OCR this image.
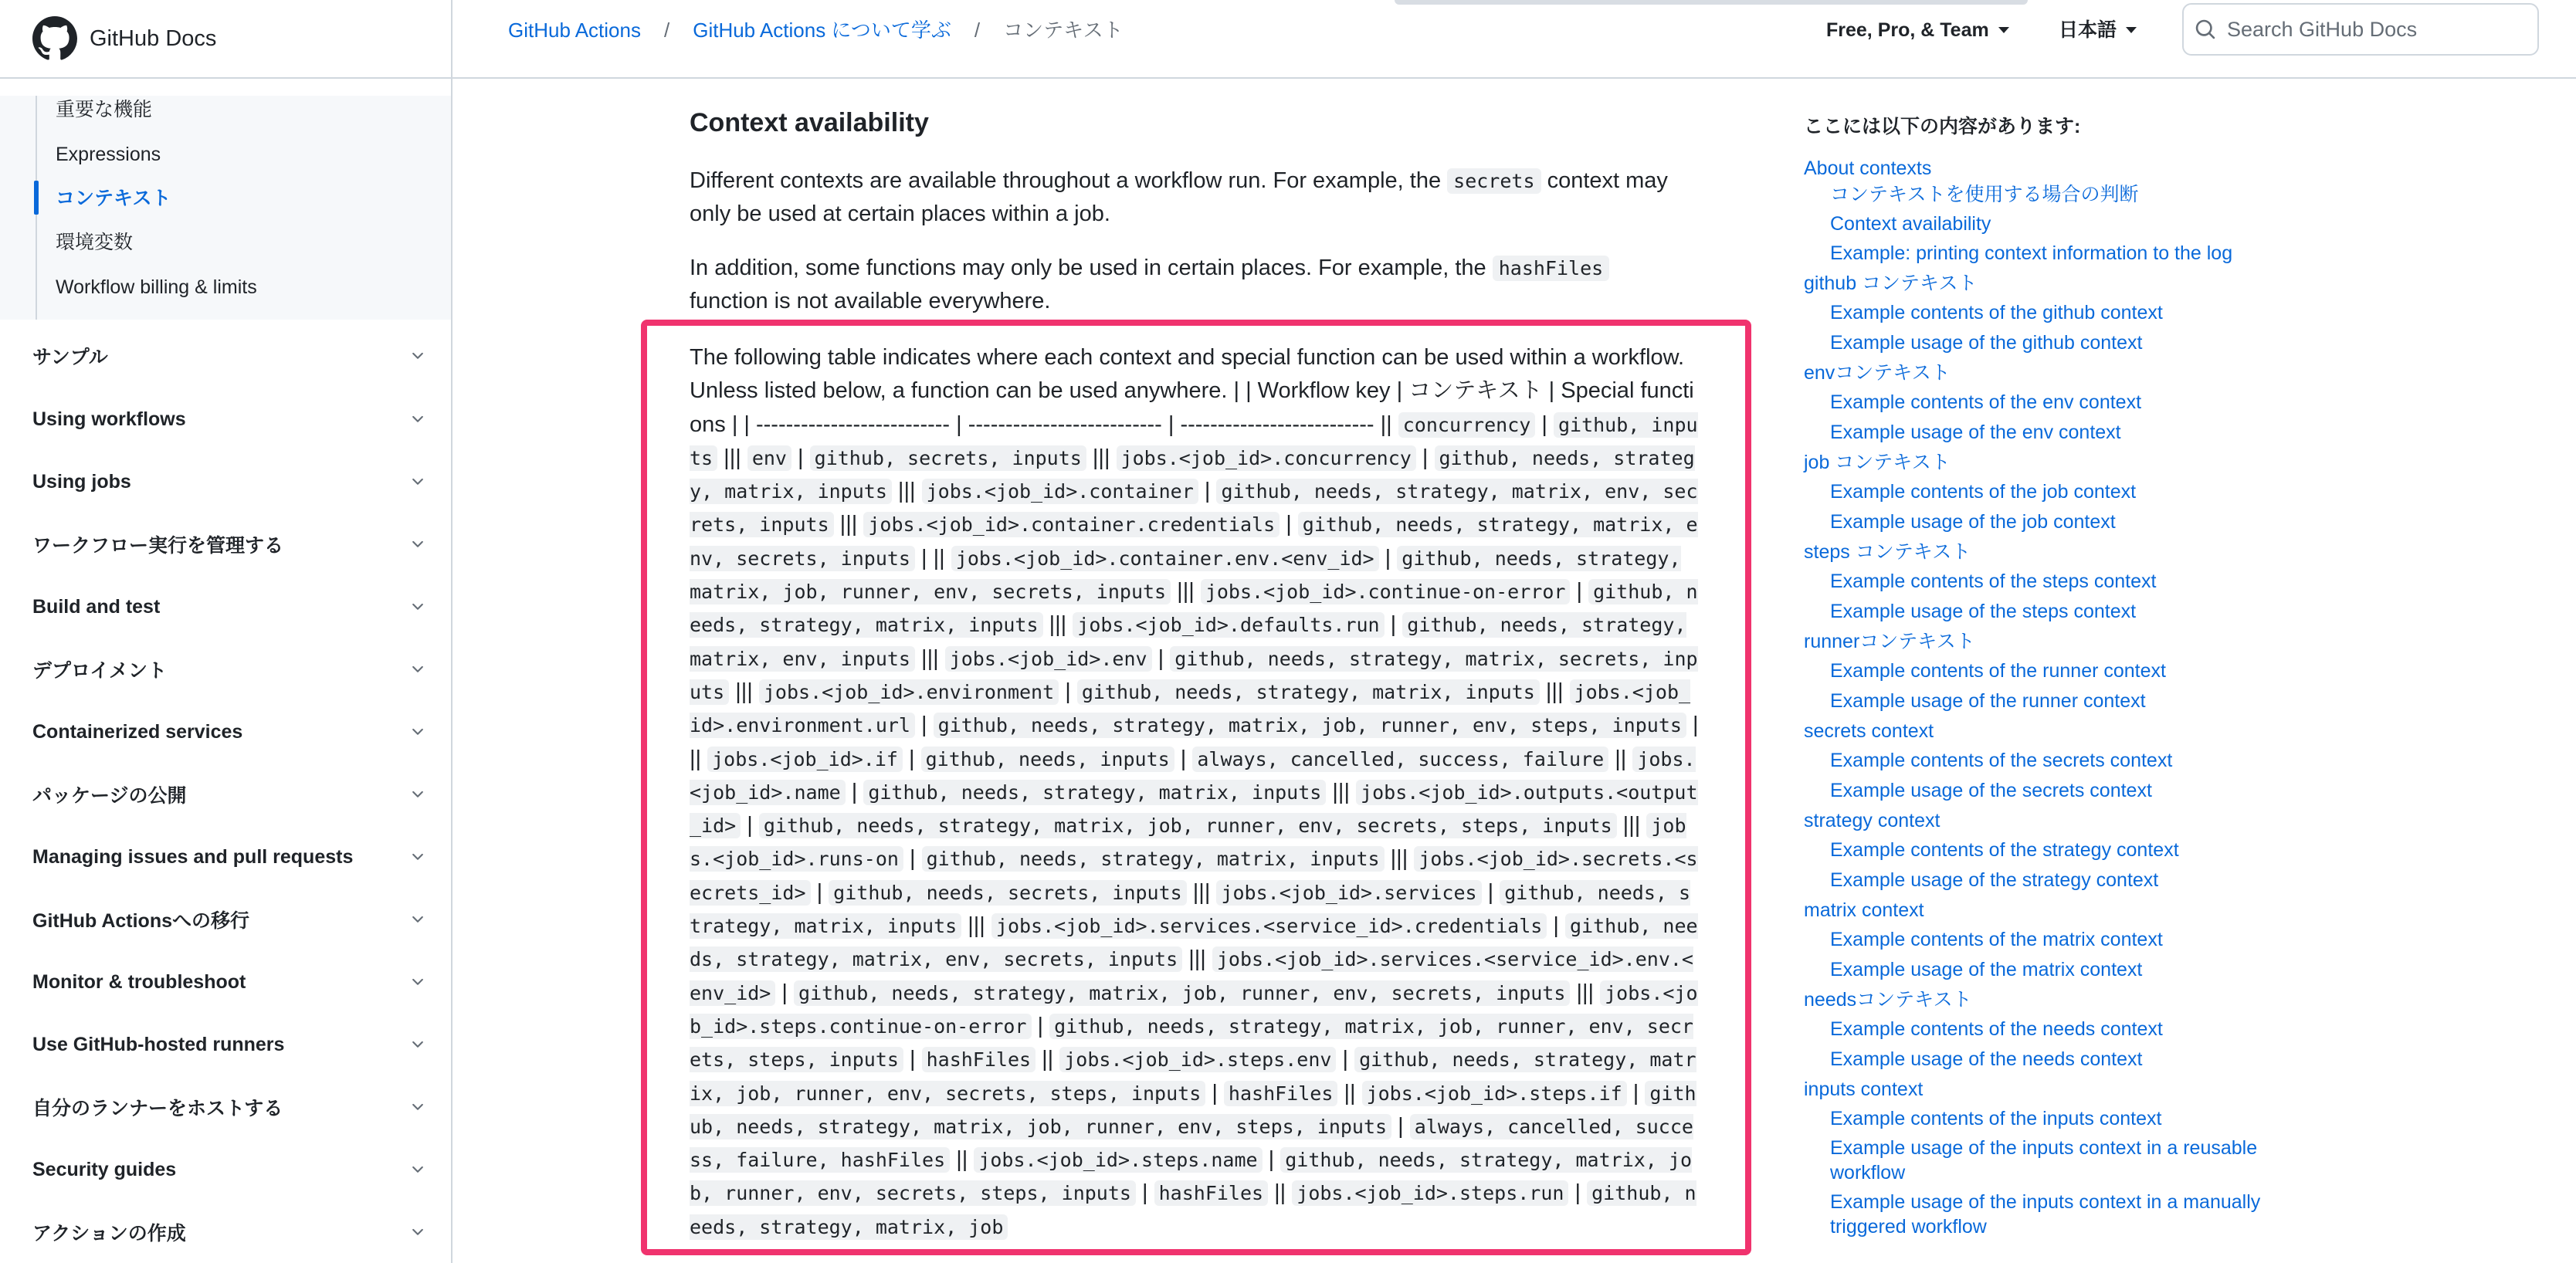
GitHub Docs
重要な機能
Expressions
コンテキスト
環境変数
Workflow billing & limits
サンプル
Using workflows
Using jobs
ワークフロー実行を管理する
Build and test
デプロイメント
Containerized services
パッケージの公開
Managing issues and pull requests
GitHub Actionsへの移行
Monitor & troubleshoot
Use GitHub-hosted runners
自分のランナーをホストする
Security guides
アクションの作成
GitHub Actions / GitHub Actions について学ぶ / コンテキスト	Free, Pro, & Team	日本語
Search GitHub Docs
Context availability

Different contexts are available throughout a workflow run. For example, the secrets context may only be used at certain places within a job.

In addition, some functions may only be used in certain places. For example, the hashFiles function is not available everywhere.

The following table indicates where each context and special function can be used within a workflow. Unless listed below, a function can be used anywhere. | | Workflow key | コンテキスト | Special functions | | -------------------------- | -------------------------- | -------------------------- || concurrency | github, inputs ||| env | github, secrets, inputs ||| jobs.<job_id>.concurrency | github, needs, strategy, matrix, inputs ||| jobs.<job_id>.container | github, needs, strategy, matrix, env, secrets, inputs ||| jobs.<job_id>.container.credentials | github, needs, strategy, matrix, env, secrets, inputs | || jobs.<job_id>.container.env.<env_id> | github, needs, strategy, matrix, job, runner, env, secrets, inputs ||| jobs.<job_id>.continue-on-error | github, needs, strategy, matrix, inputs ||| jobs.<job_id>.defaults.run | github, needs, strategy, matrix, env, inputs ||| jobs.<job_id>.env | github, needs, strategy, matrix, secrets, inputs ||| jobs.<job_id>.environment | github, needs, strategy, matrix, inputs ||| jobs.<job_id>.environment.url | github, needs, strategy, matrix, job, runner, env, steps, inputs ||| jobs.<job_id>.if | github, needs, inputs | always, cancelled, success, failure || jobs.<job_id>.name | github, needs, strategy, matrix, inputs ||| jobs.<job_id>.outputs.<output_id> | github, needs, strategy, matrix, job, runner, env, secrets, steps, inputs ||| jobs.<job_id>.runs-on | github, needs, strategy, matrix, inputs ||| jobs.<job_id>.secrets.<secrets_id> | github, needs, secrets, inputs ||| jobs.<job_id>.services | github, needs, strategy, matrix, inputs ||| jobs.<job_id>.services.<service_id>.credentials | github, needs, strategy, matrix, env, secrets, inputs ||| jobs.<job_id>.services.<service_id>.env.<env_id> | github, needs, strategy, matrix, job, runner, env, secrets, inputs ||| jobs.<job_id>.steps.continue-on-error | github, needs, strategy, matrix, job, runner, env, secrets, steps, inputs | hashFiles || jobs.<job_id>.steps.env | github, needs, strategy, matrix, job, runner, env, secrets, steps, inputs | hashFiles || jobs.<job_id>.steps.if | github, needs, strategy, matrix, job, runner, env, steps, inputs | always, cancelled, success, failure, hashFiles || jobs.<job_id>.steps.name | github, needs, strategy, matrix, job, runner, env, secrets, steps, inputs | hashFiles || jobs.<job_id>.steps.run | github, needs, strategy, matrix, job
ここには以下の内容があります:
About contexts
コンテキストを使用する場合の判断
Context availability
Example: printing context information to the log
github コンテキスト
Example contents of the github context
Example usage of the github context
envコンテキスト
Example contents of the env context
Example usage of the env context
job コンテキスト
Example contents of the job context
Example usage of the job context
steps コンテキスト
Example contents of the steps context
Example usage of the steps context
runnerコンテキスト
Example contents of the runner context
Example usage of the runner context
secrets context
Example contents of the secrets context
Example usage of the secrets context
strategy context
Example contents of the strategy context
Example usage of the strategy context
matrix context
Example contents of the matrix context
Example usage of the matrix context
needsコンテキスト
Example contents of the needs context
Example usage of the needs context
inputs context
Example contents of the inputs context
Example usage of the inputs context in a reusable workflow
Example usage of the inputs context in a manually triggered workflow
